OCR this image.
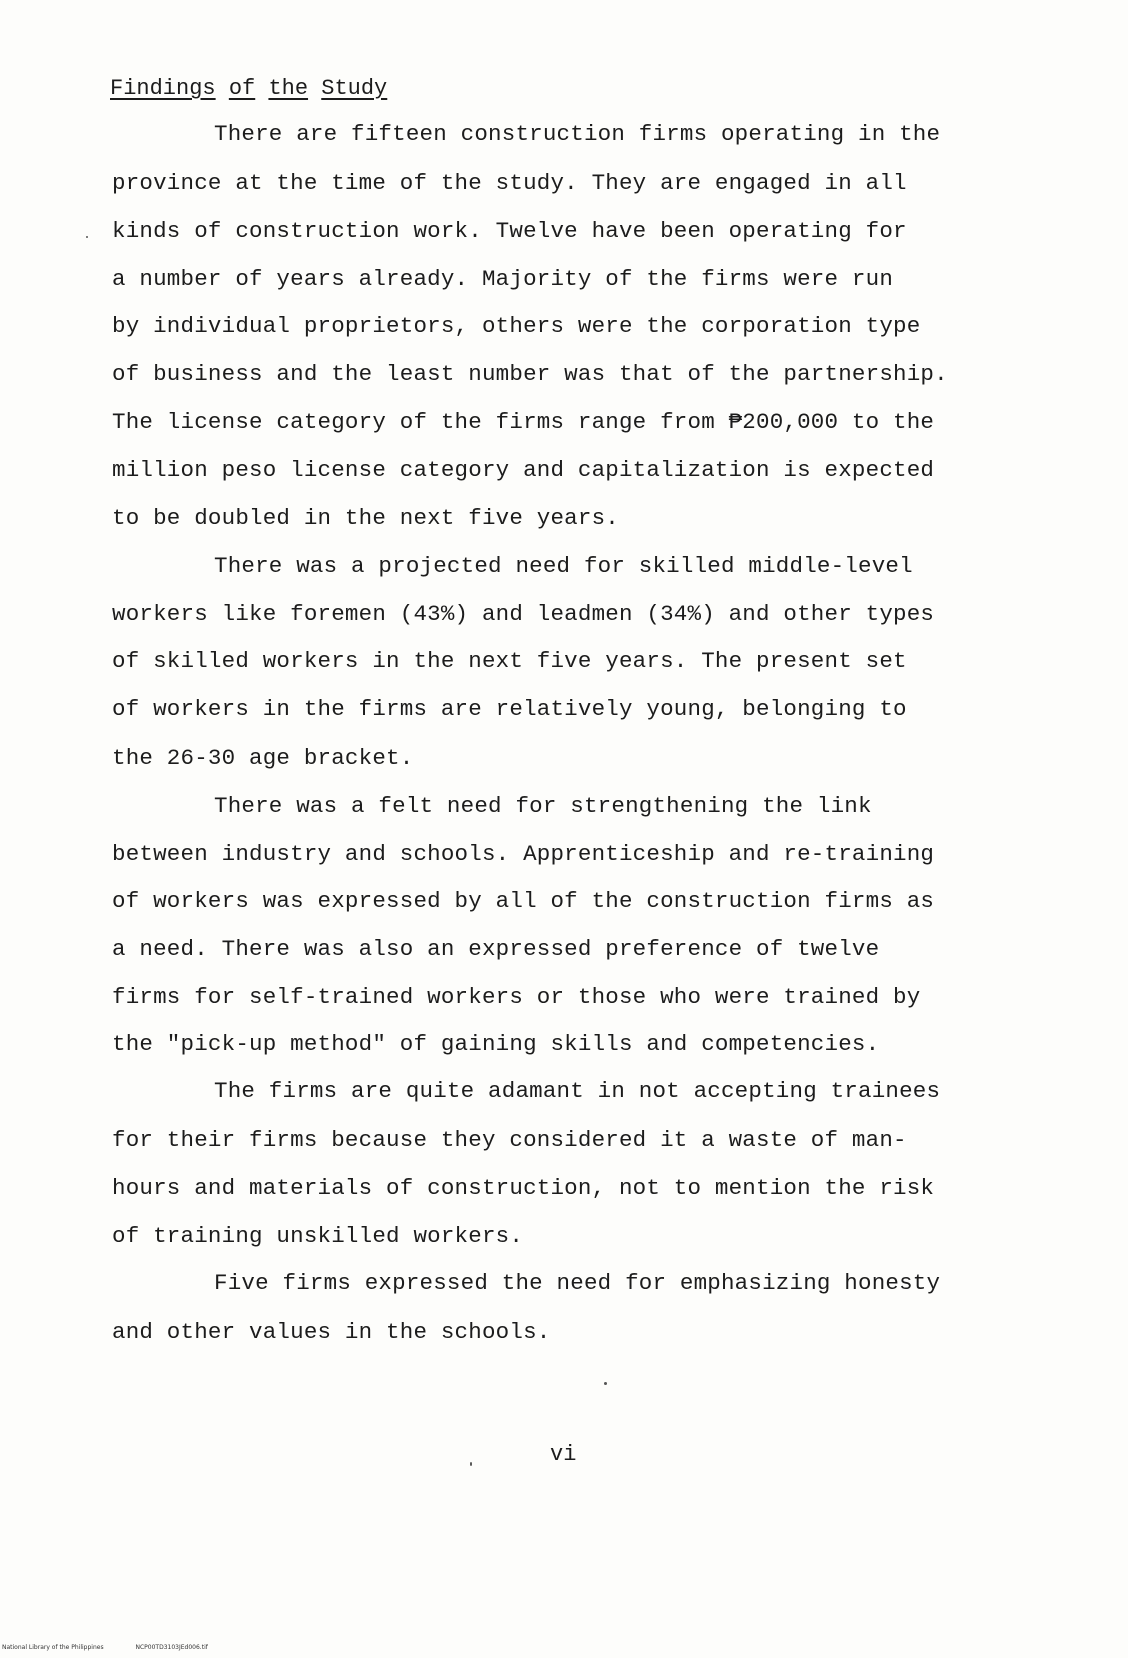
Findings of the Study
There are fifteen construction firms operating in the
province at the time of the study. They are engaged in all
kinds of construction work. Twelve have been operating for
a number of years already. Majority of the firms were run
by individual proprietors, others were the corporation type
of business and the least number was that of the partnership.
The license category of the firms range from ₱200,000 to the
million peso license category and capitalization is expected
to be doubled in the next five years.
There was a projected need for skilled middle-level
workers like foremen (43%) and leadmen (34%) and other types
of skilled workers in the next five years. The present set
of workers in the firms are relatively young, belonging to
the 26-30 age bracket.
There was a felt need for strengthening the link
between industry and schools. Apprenticeship and re-training
of workers was expressed by all of the construction firms as
a need. There was also an expressed preference of twelve
firms for self-trained workers or those who were trained by
the "pick-up method" of gaining skills and competencies.
The firms are quite adamant in not accepting trainees
for their firms because they considered it a waste of man-
hours and materials of construction, not to mention the risk
of training unskilled workers.
Five firms expressed the need for emphasizing honesty
and other values in the schools.
vi
National Library of the Philippines	NCP00TD3103JEd006.tif
